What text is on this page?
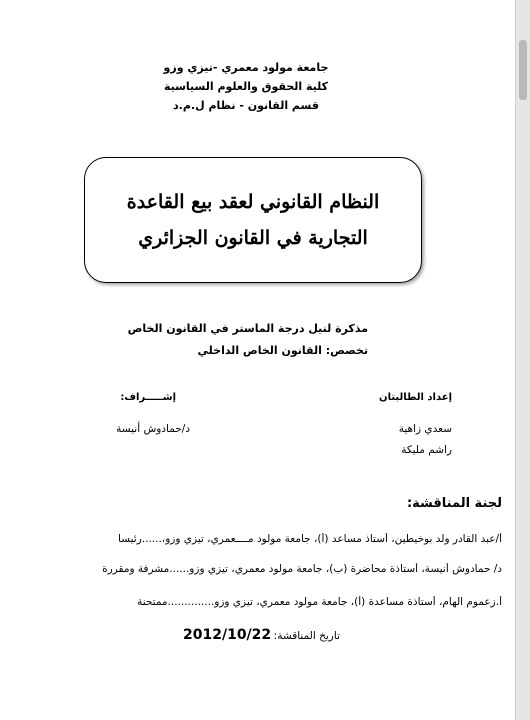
جامعة مولود معمري -تيزي وزو
كلية الحقوق والعلوم السياسية
قسم القانون - نظام ل.م.د
النظام القانوني لعقد بيع القاعدة
التجارية في القانون الجزائري
مذكرة لنيل درجة الماستر في القانون الخاص
تخصص: القانون الخاص الداخلي
إعداد الطالبتان
إشـــــراف:
سعدي زاهية
راشم مليكة
د/حمادوش أنيسة
لجنة المناقشة:
أ/عبد القادر ولد بوخيطين، أستاذ مساعد (أ)، جامعة مولود مــــعمري، تيزي وزو،......رئيسا
د/ حمادوش أنيسة، أستاذة محاضرة (ب)، جامعة مولود معمري، تيزي وزو......مشرفة ومقررة
أ.زعموم الهام، أستاذة مساعدة (أ)، جامعة مولود معمري، تيزي وزو..............ممتحنة
تاريخ المناقشة:
2012/10/22
